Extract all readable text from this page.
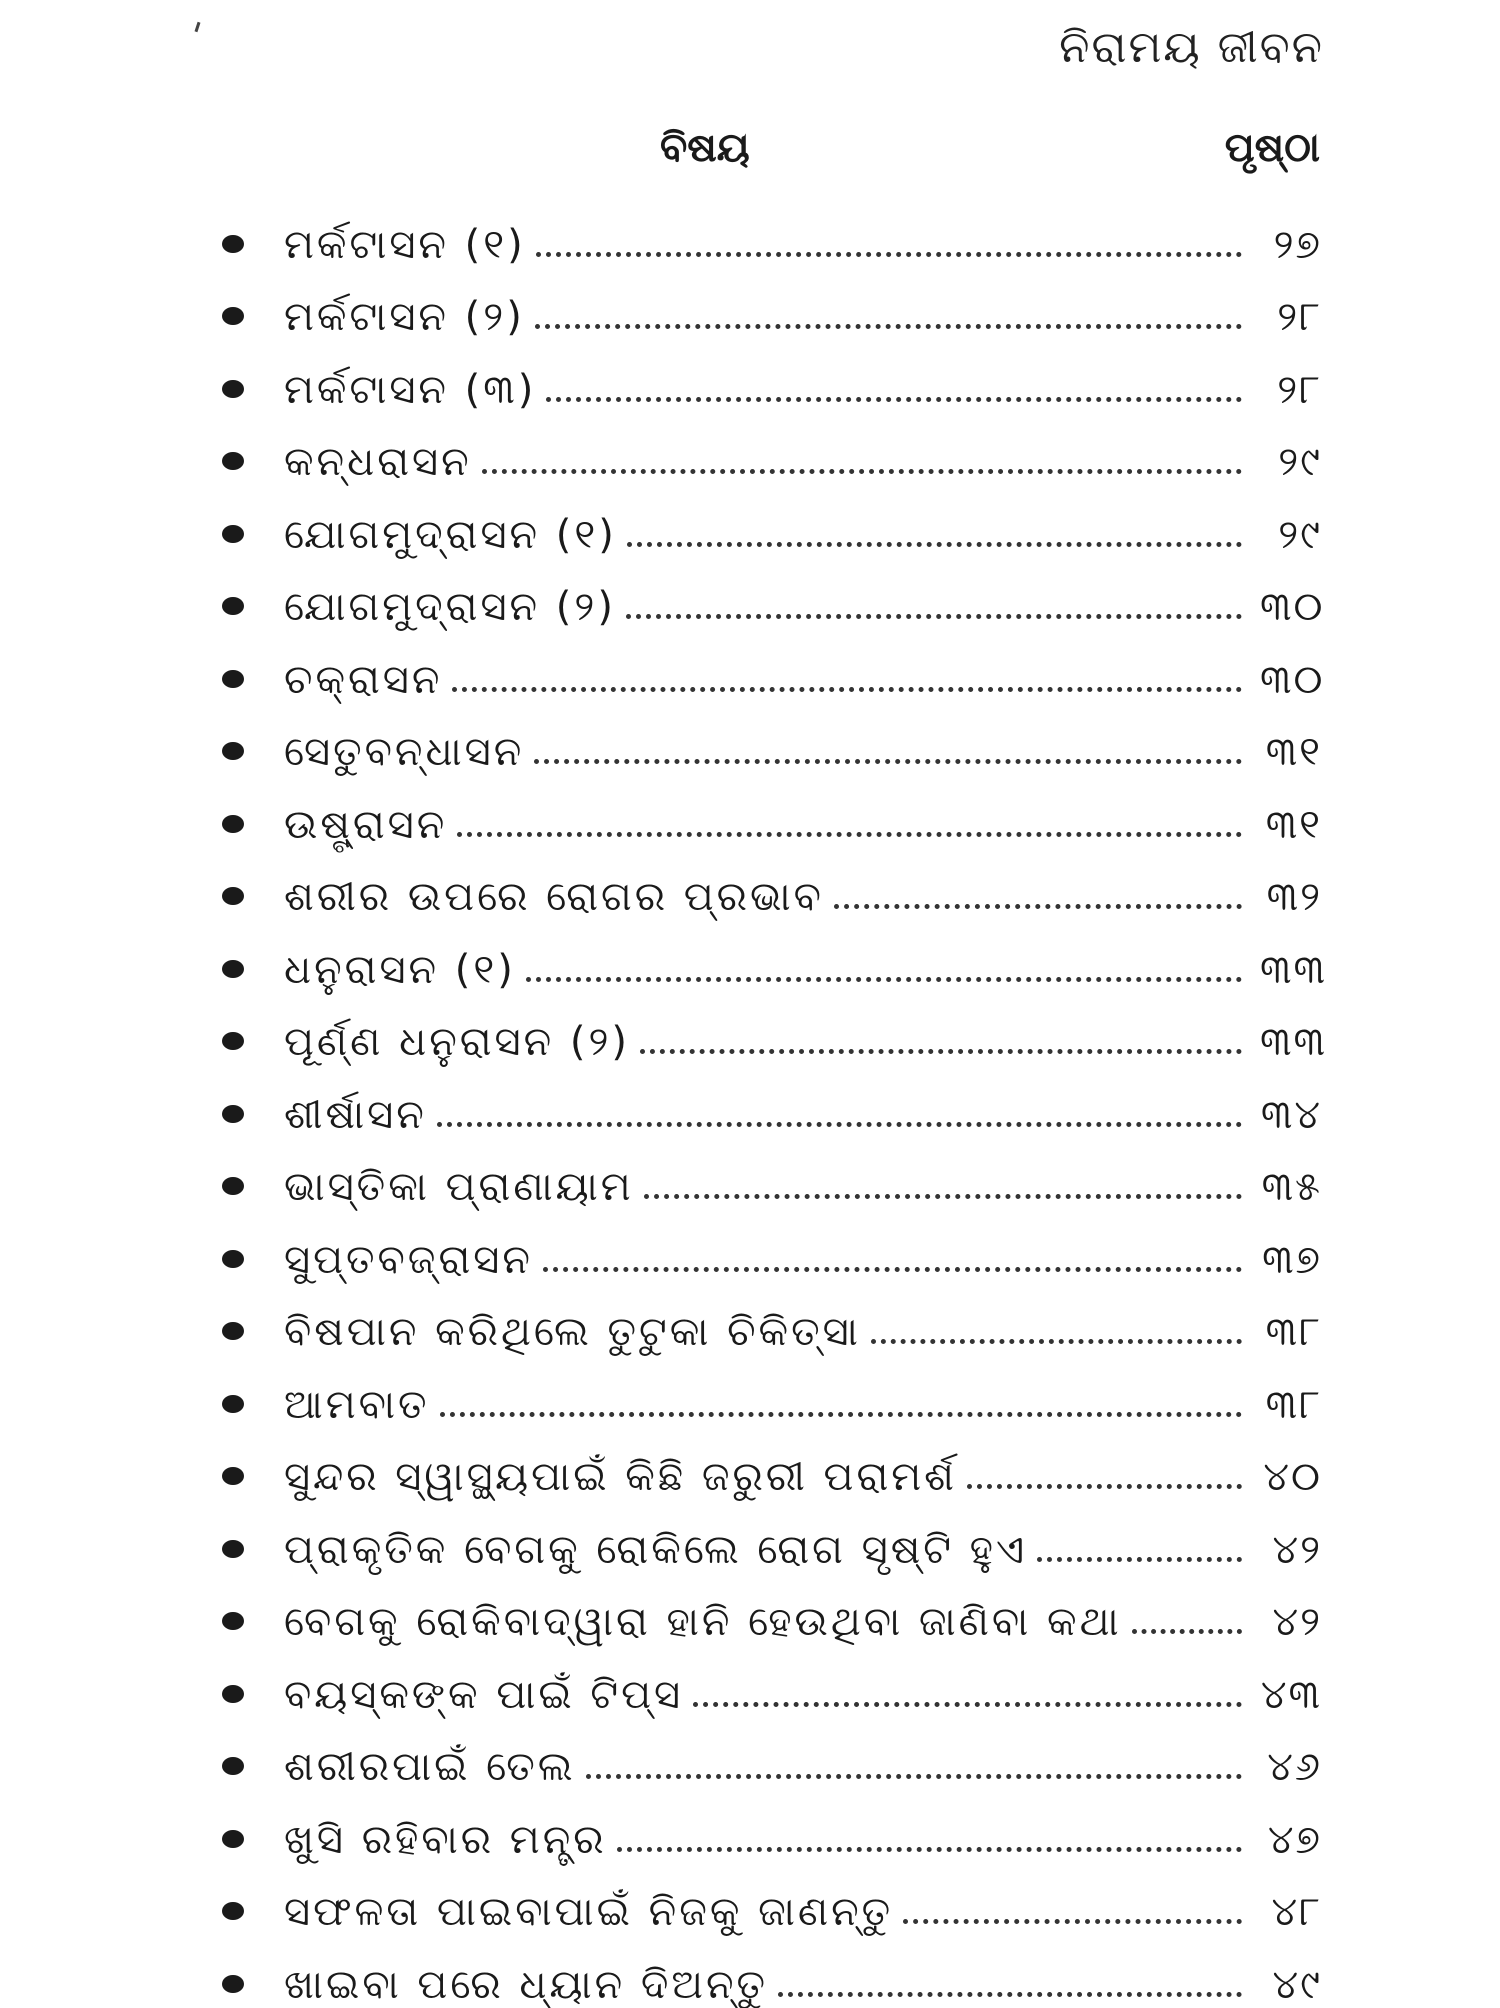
ନିରାମୟ ଜୀବନ
ବିଷୟ	ପୃଷ୍ଠା
ମର୍କଟାସନ (୧)	୨୭
ମର୍କଟାସନ (୨)	୨୮
ମର୍କଟାସନ (୩)	୨୮
କନ୍ଧରାସନ	୨୯
ଯୋଗମୁଦ୍ରାସନ (୧)	୨୯
ଯୋଗମୁଦ୍ରାସନ (୨)	୩୦
ଚକ୍ରାସନ	୩୦
ସେତୁବନ୍ଧାସନ	୩୧
ଉଷ୍ଟ୍ରାସନ	୩୧
ଶରୀର ଉପରେ ରୋଗର ପ୍ରଭାବ	୩୨
ଧନୁରାସନ (୧)	୩୩
ପୂର୍ଣ୍ଣ ଧନୁରାସନ (୨)	୩୩
ଶୀର୍ଷାସନ	୩୪
ଭାସ୍ତିକା ପ୍ରାଣାୟାମ	୩୫
ସୁପ୍ତବଜ୍ରାସନ	୩୭
ବିଷପାନ କରିଥିଲେ ତୁଟୁକା ଚିକିତ୍ସା	୩୮
ଆମବାତ	୩୮
ସୁନ୍ଦର ସ୍ୱାସ୍ଥ୍ୟପାଇଁ କିଛି ଜରୁରୀ ପରାମର୍ଶ	୪୦
ପ୍ରାକୃତିକ ବେଗକୁ ରୋକିଲେ ରୋଗ ସୃଷ୍ଟି ହୁଏ	୪୨
ବେଗକୁ ରୋକିବାଦ୍ୱାରା ହାନି ହେଉଥିବା ଜାଣିବା କଥା	୪୨
ବୟସ୍କଙ୍କ ପାଇଁ ଟିପ୍ସ	୪୩
ଶରୀରପାଇଁ ତେଲ	୪୬
ଖୁସି ରହିବାର ମନ୍ତ୍ର	୪୭
ସଫଳତା ପାଇବାପାଇଁ ନିଜକୁ ଜାଣନ୍ତୁ	୪୮
ଖାଇବା ପରେ ଧ୍ୟାନ ଦିଅନ୍ତୁ	୪୯
